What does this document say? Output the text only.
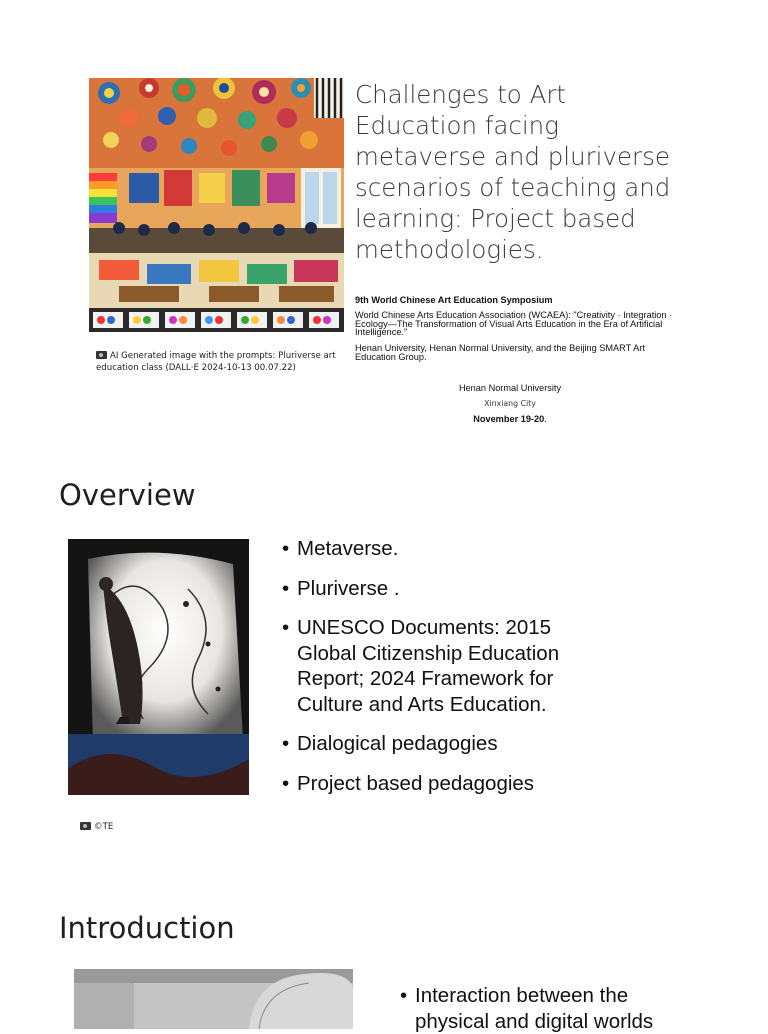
AI Generated image with the prompts: Pluriverse art education class (DALL·E 2024-10-13 00.07.22)
Challenges to Art Education facing metaverse and pluriverse scenarios of teaching and learning: Project based methodologies.
9th World Chinese Art Education Symposium
World Chinese Arts Education Association (WCAEA): "Creativity · Integration · Ecology—The Transformation of Visual Arts Education in the Era of Artificial Intelligence."
Henan University, Henan Normal University, and the Beijing SMART Art Education Group.
Henan Normal University
Xinxiang City
November 19-20.
Overview
©TE
• Metaverse.
• Pluriverse .
• UNESCO Documents: 2015 Global Citizenship Education Report; 2024 Framework for Culture and Arts Education.
• Dialogical pedagogies
• Project based pedagogies
Introduction
• Interaction between the physical and digital worlds
